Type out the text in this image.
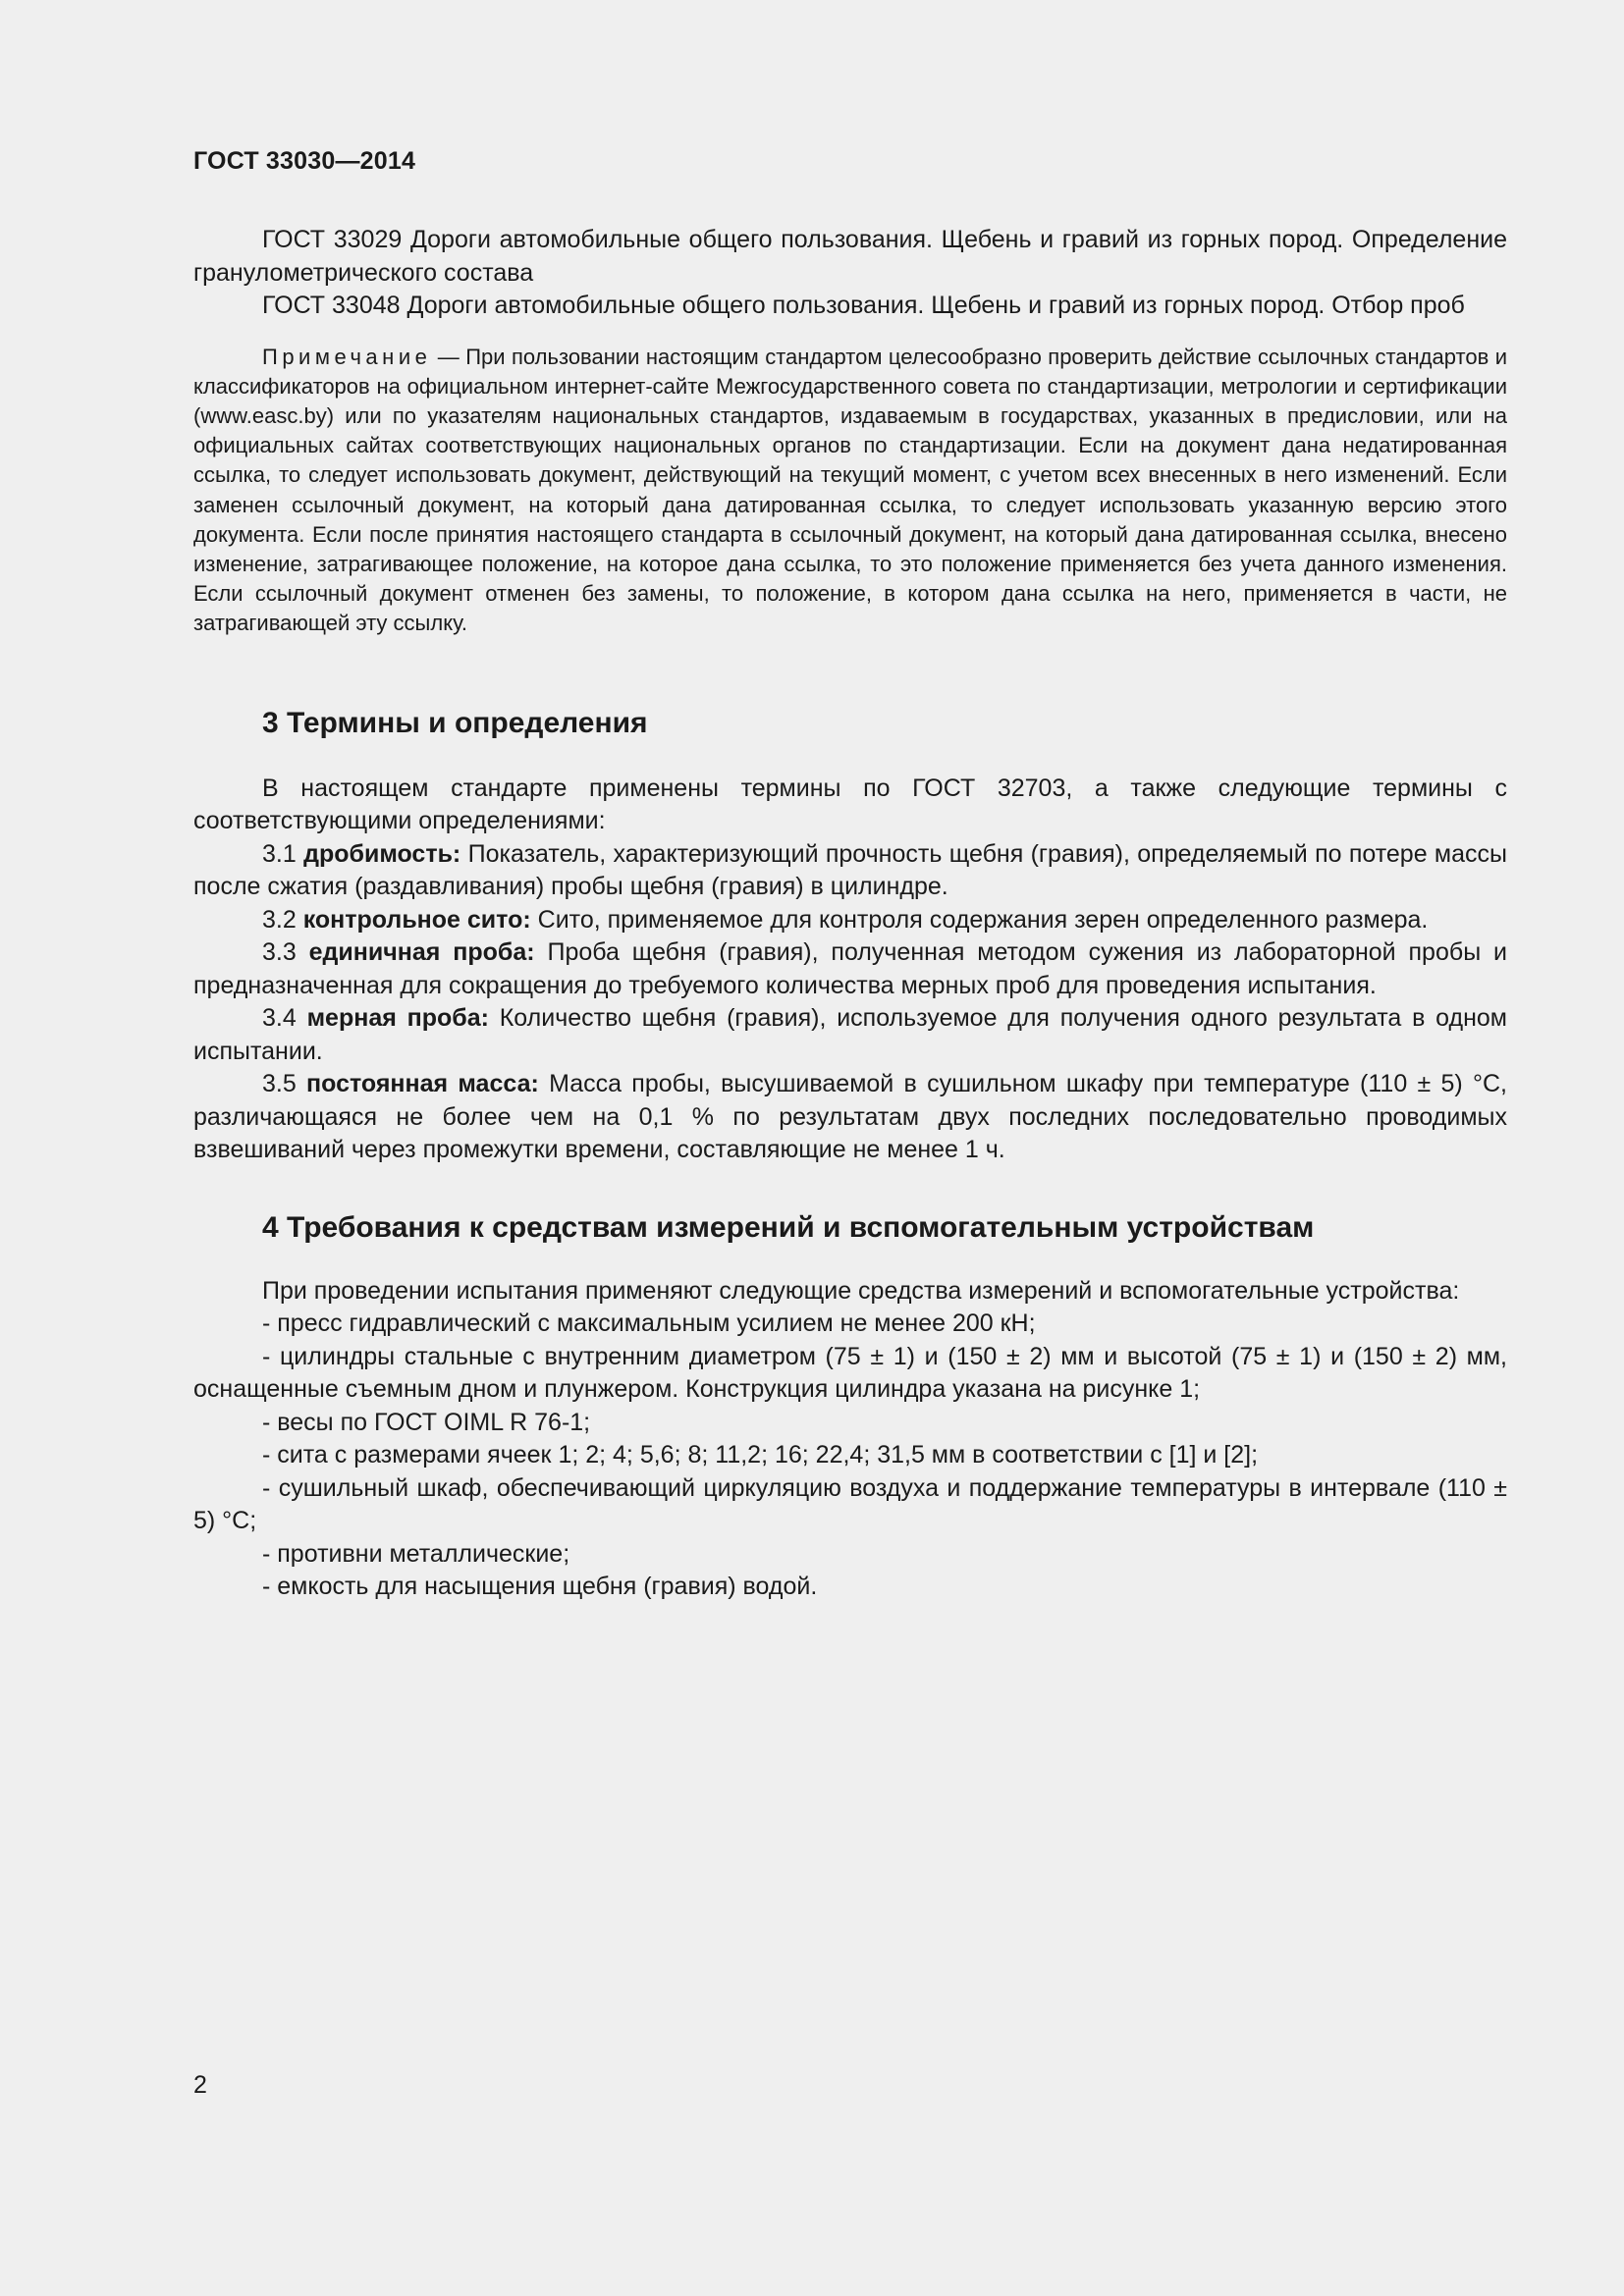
ГОСТ 33030—2014

ГОСТ 33029 Дороги автомобильные общего пользования. Щебень и гравий из горных пород. Определение гранулометрического состава

ГОСТ 33048 Дороги автомобильные общего пользования. Щебень и гравий из горных пород. Отбор проб

Примечание — При пользовании настоящим стандартом целесообразно проверить действие ссылочных стандартов и классификаторов на официальном интернет-сайте Межгосударственного совета по стандартизации, метрологии и сертификации (www.easc.by) или по указателям национальных стандартов, издаваемым в государствах, указанных в предисловии, или на официальных сайтах соответствующих национальных органов по стандартизации. Если на документ дана недатированная ссылка, то следует использовать документ, действующий на текущий момент, с учетом всех внесенных в него изменений. Если заменен ссылочный документ, на который дана датированная ссылка, то следует использовать указанную версию этого документа. Если после принятия настоящего стандарта в ссылочный документ, на который дана датированная ссылка, внесено изменение, затрагивающее положение, на которое дана ссылка, то это положение применяется без учета данного изменения. Если ссылочный документ отменен без замены, то положение, в котором дана ссылка на него, применяется в части, не затрагивающей эту ссылку.

3 Термины и определения

В настоящем стандарте применены термины по ГОСТ 32703, а также следующие термины с соответствующими определениями:

3.1 дробимость: Показатель, характеризующий прочность щебня (гравия), определяемый по потере массы после сжатия (раздавливания) пробы щебня (гравия) в цилиндре.

3.2 контрольное сито: Сито, применяемое для контроля содержания зерен определенного размера.

3.3 единичная проба: Проба щебня (гравия), полученная методом сужения из лабораторной пробы и предназначенная для сокращения до требуемого количества мерных проб для проведения испытания.

3.4 мерная проба: Количество щебня (гравия), используемое для получения одного результата в одном испытании.

3.5 постоянная масса: Масса пробы, высушиваемой в сушильном шкафу при температуре (110 ± 5) °С, различающаяся не более чем на 0,1 % по результатам двух последних последовательно проводимых взвешиваний через промежутки времени, составляющие не менее 1 ч.

4 Требования к средствам измерений и вспомогательным устройствам

При проведении испытания применяют следующие средства измерений и вспомогательные устройства:

- пресс гидравлический с максимальным усилием не менее 200 кН;

- цилиндры стальные с внутренним диаметром (75 ± 1) и (150 ± 2) мм и высотой (75 ± 1) и (150 ± 2) мм, оснащенные съемным дном и плунжером. Конструкция цилиндра указана на рисунке 1;

- весы по ГОСТ OIML R 76-1;

- сита с размерами ячеек 1; 2; 4; 5,6; 8; 11,2; 16; 22,4; 31,5 мм в соответствии с [1] и [2];

- сушильный шкаф, обеспечивающий циркуляцию воздуха и поддержание температуры в интервале (110 ± 5) °С;

- противни металлические;

- емкость для насыщения щебня (гравия) водой.

2
